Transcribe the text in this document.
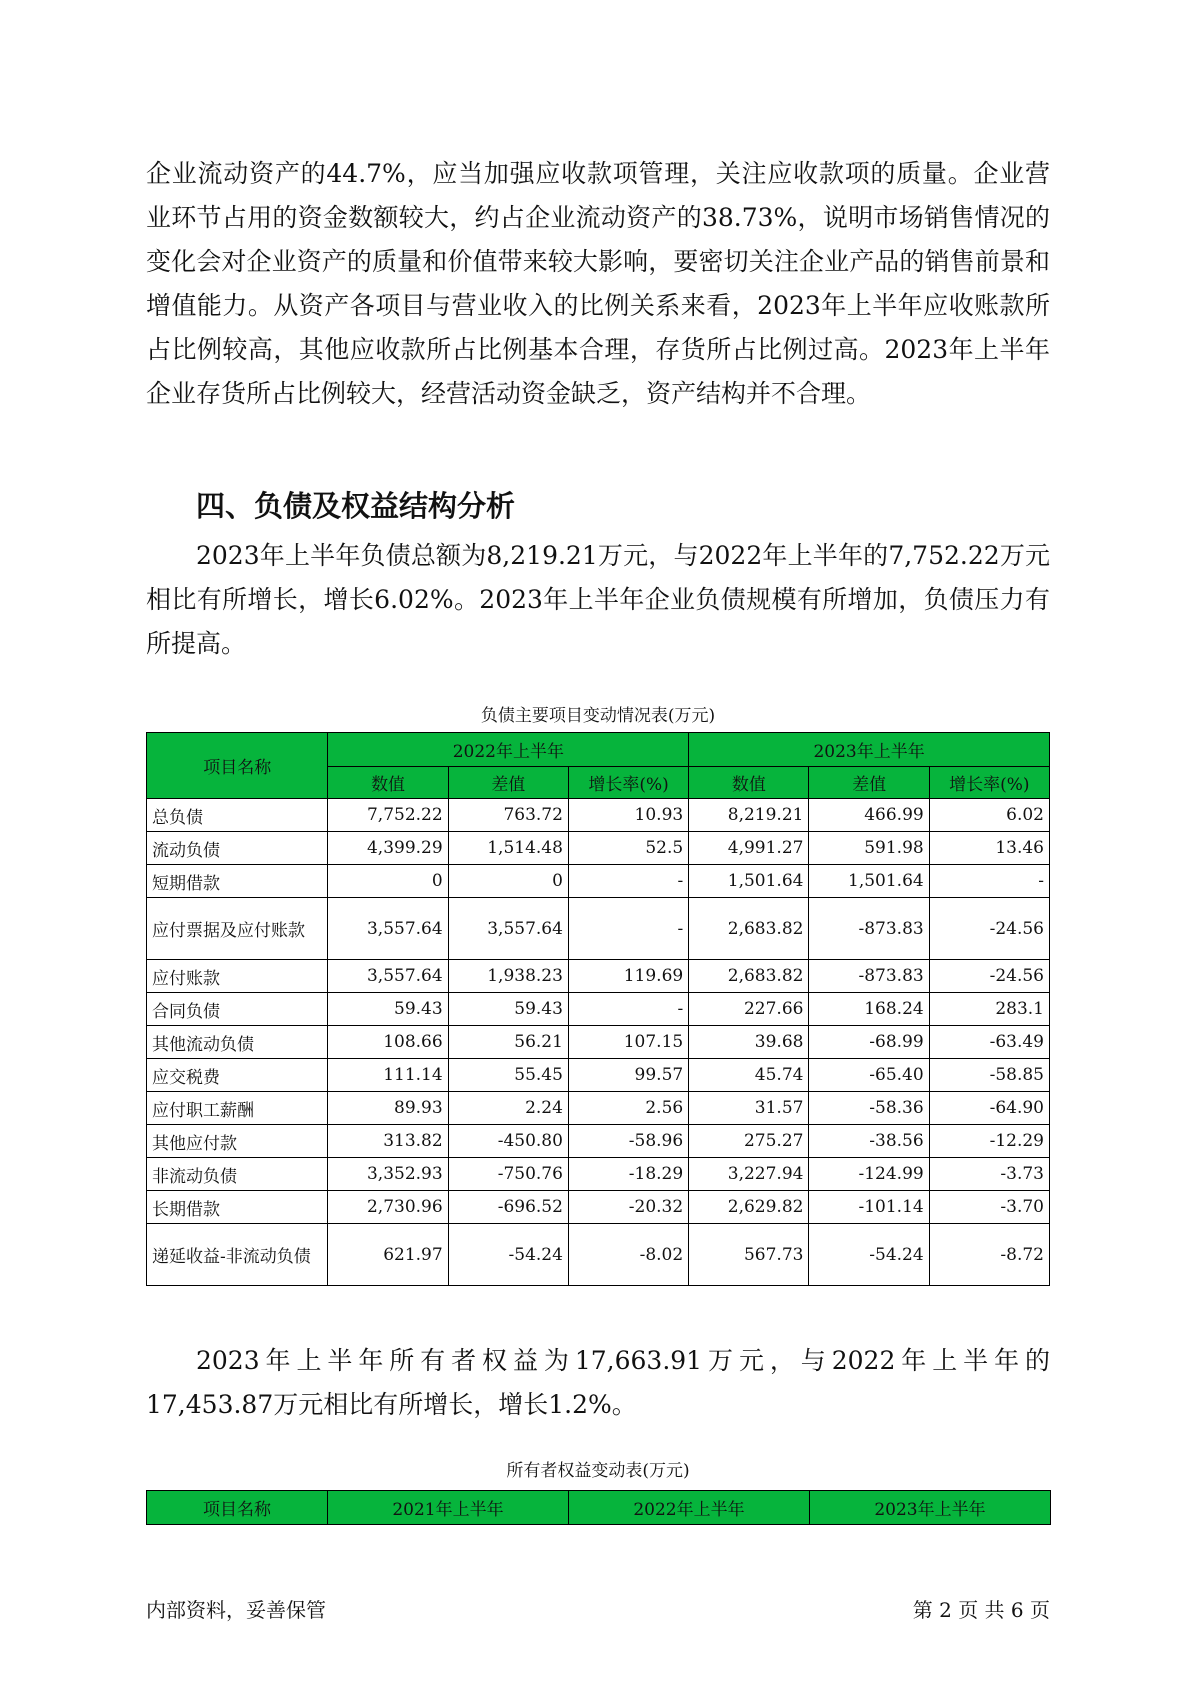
企业流动资产的44.7%，应当加强应收款项管理，关注应收款项的质量。企业营业环节占用的资金数额较大，约占企业流动资产的38.73%，说明市场销售情况的变化会对企业资产的质量和价值带来较大影响，要密切关注企业产品的销售前景和增值能力。从资产各项目与营业收入的比例关系来看，2023年上半年应收账款所占比例较高，其他应收款所占比例基本合理，存货所占比例过高。2023年上半年企业存货所占比例较大，经营活动资金缺乏，资产结构并不合理。

四、负债及权益结构分析

2023年上半年负债总额为8,219.21万元，与2022年上半年的7,752.22万元相比有所增长，增长6.02%。2023年上半年企业负债规模有所增加，负债压力有所提高。

负债主要项目变动情况表(万元)
项目名称	2022年上半年			2023年上半年		
	数值	差值	增长率(%)	数值	差值	增长率(%)
总负债	7,752.22	763.72	10.93	8,219.21	466.99	6.02
流动负债	4,399.29	1,514.48	52.5	4,991.27	591.98	13.46
短期借款	0	0	-	1,501.64	1,501.64	-
应付票据及应付账款	3,557.64	3,557.64	-	2,683.82	-873.83	-24.56
应付账款	3,557.64	1,938.23	119.69	2,683.82	-873.83	-24.56
合同负债	59.43	59.43	-	227.66	168.24	283.1
其他流动负债	108.66	56.21	107.15	39.68	-68.99	-63.49
应交税费	111.14	55.45	99.57	45.74	-65.40	-58.85
应付职工薪酬	89.93	2.24	2.56	31.57	-58.36	-64.90
其他应付款	313.82	-450.80	-58.96	275.27	-38.56	-12.29
非流动负债	3,352.93	-750.76	-18.29	3,227.94	-124.99	-3.73
长期借款	2,730.96	-696.52	-20.32	2,629.82	-101.14	-3.70
递延收益-非流动负债	621.97	-54.24	-8.02	567.73	-54.24	-8.72

2023年上半年所有者权益为17,663.91万元，与2022年上半年的17,453.87万元相比有所增长，增长1.2%。

所有者权益变动表(万元)
项目名称	2021年上半年	2022年上半年	2023年上半年
内部资料，妥善保管	第 2 页 共 6 页
